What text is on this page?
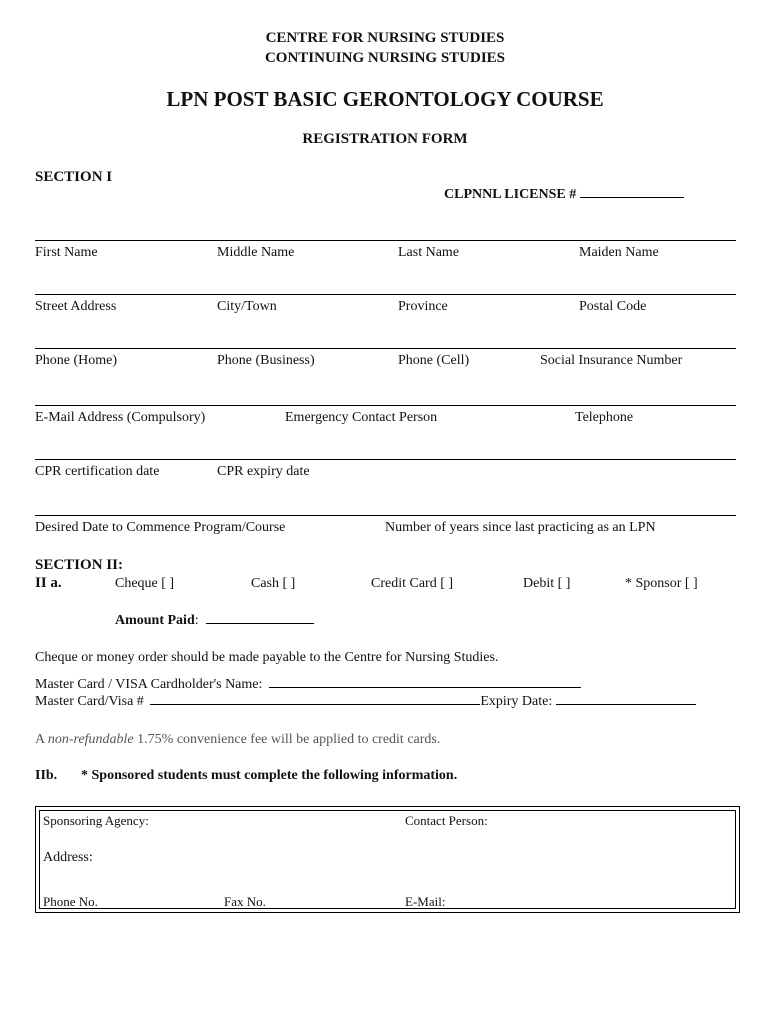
CENTRE FOR NURSING STUDIES
CONTINUING NURSING STUDIES
LPN POST BASIC GERONTOLOGY COURSE
REGISTRATION FORM
SECTION I
CLPNNL LICENSE #
First Name	Middle Name	Last Name	Maiden Name
Street Address	City/Town	Province	Postal Code
Phone (Home)	Phone (Business)	Phone (Cell)	Social Insurance Number
E-Mail Address (Compulsory)	Emergency Contact Person	Telephone
CPR certification date	CPR expiry date
Desired Date to Commence Program/Course	Number of years since last practicing as an LPN
SECTION II:
II a.	Cheque [ ]	Cash [ ]	Credit Card [ ]	Debit [ ]	* Sponsor [ ]
Amount Paid:
Cheque or money order should be made payable to the Centre for Nursing Studies.
Master Card / VISA Cardholder's Name:
Master Card/Visa #	Expiry Date:
A non-refundable 1.75% convenience fee will be applied to credit cards.
IIb. * Sponsored students must complete the following information.
Sponsoring Agency:	Contact Person:
Address:
Phone No.	Fax No.	E-Mail:
